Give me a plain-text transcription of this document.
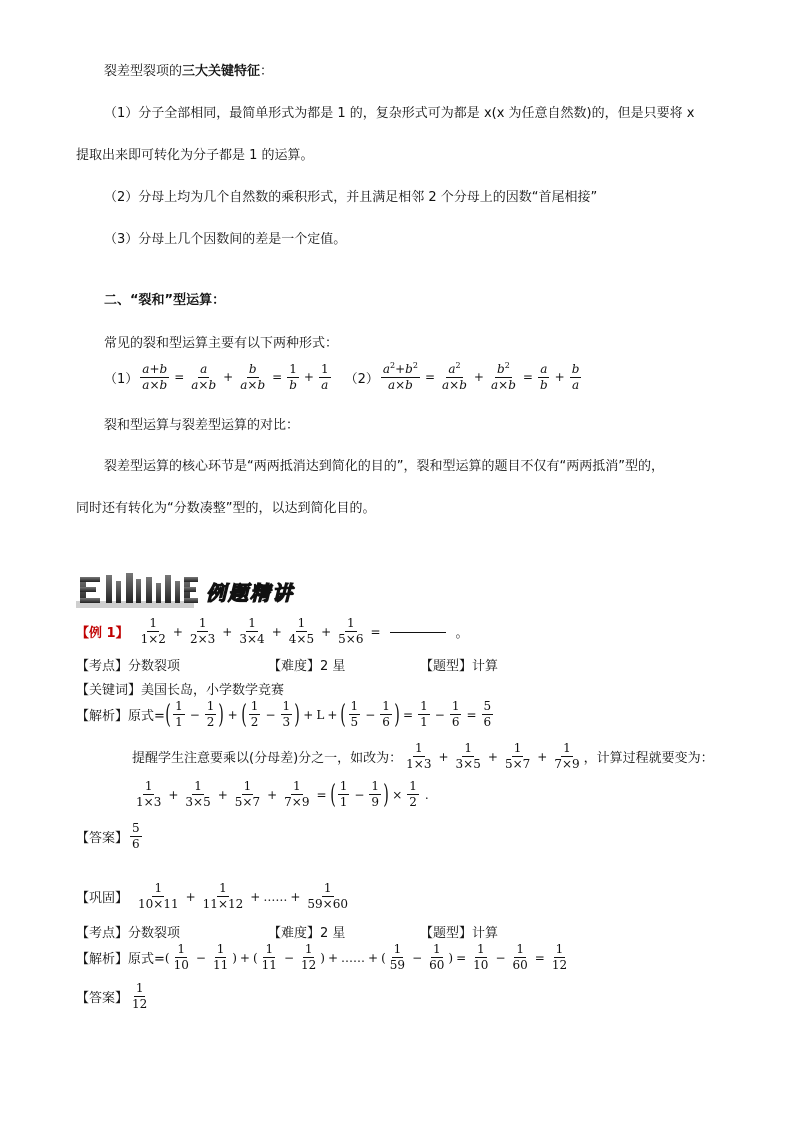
裂差型裂项的三大关键特征：
（1）分子全部相同，最简单形式为都是 1 的，复杂形式可为都是 x(x 为任意自然数)的，但是只要将 x
提取出来即可转化为分子都是 1 的运算。
（2）分母上均为几个自然数的乘积形式，并且满足相邻 2 个分母上的因数“首尾相接”
（3）分母上几个因数间的差是一个定值。
二、“裂和”型运算：
常见的裂和型运算主要有以下两种形式：
$(1) \frac{a+b}{a\times b} = \frac{a}{a\times b} + \frac{b}{a\times b} = \frac{1}{b} + \frac{1}{a} (2) \frac{a^2+b^2}{a\times b} = \frac{a^2}{a\times b} + \frac{b^2}{a\times b} = \frac{a}{b} + \frac{b}{a}$
裂和型运算与裂差型运算的对比：
裂差型运算的核心环节是“两两抵消达到简化的目的”，裂和型运算的题目不仅有“两两抵消”型的，
同时还有转化为“分数凑整”型的，以达到简化目的。
例题精讲
【例 1】 $\frac{1}{1\times 2} + \frac{1}{2\times 3} + \frac{1}{3\times 4} + \frac{1}{4\times 5} + \frac{1}{5\times 6}$ =	。
【考点】分数裂项	【难度】2 星	【题型】计算
【关键词】美国长岛，小学数学竞赛
【解析】 原式= ( $\frac{1}{1} - \frac{1}{2}$ ) + ( $\frac{1}{2} - \frac{1}{3}$ ) + L + ( $\frac{1}{5} - \frac{1}{6}$ ) = $\frac{1}{1} - \frac{1}{6} = \frac{5}{6}$
提醒学生注意要乘以(分母差)分之一，如改为： $\frac{1}{1\times 3} + \frac{1}{3\times 5} + \frac{1}{5\times 7} + \frac{1}{7\times 9}$ ，计算过程就要变为：
$\frac{1}{1\times 3} + \frac{1}{3\times 5} + \frac{1}{5\times 7} + \frac{1}{7\times 9}$ = ( $\frac{1}{1} - \frac{1}{9}$ ) × $\frac{1}{2}$ .
【答案】 $\frac{5}{6}$
【巩固】 $\frac{1}{10\times 11} + \frac{1}{11\times 12}$ + …… + $\frac{1}{59\times 60}$
【考点】分数裂项	【难度】2 星	【题型】计算
【解析】 原式= ( $\frac{1}{10} - \frac{1}{11}$ ) + ( $\frac{1}{11} - \frac{1}{12}$ ) + …… + ( $\frac{1}{59} - \frac{1}{60}$ ) = $\frac{1}{10} - \frac{1}{60} = \frac{1}{12}$
【答案】 $\frac{1}{12}$
